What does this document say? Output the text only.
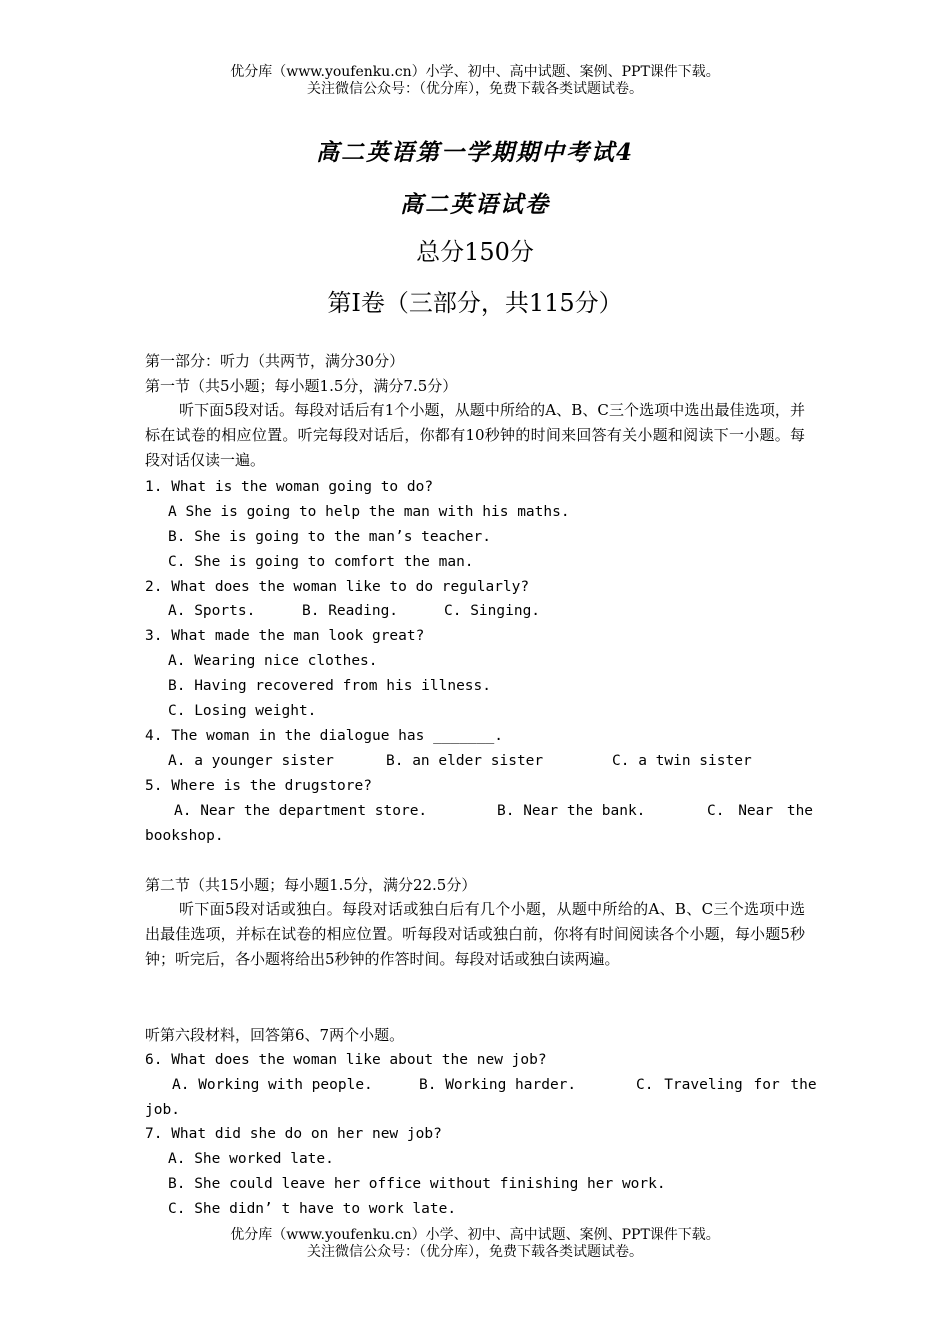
优分库（www.youfenku.cn）小学、初中、高中试题、案例、PPT课件下载。
关注微信公众号：（优分库），免费下载各类试题试卷。
高二英语第一学期期中考试4
高二英语试卷
总分150分
第Ⅰ卷（三部分，共115分）
第一部分：听力（共两节，满分30分）
第一节（共5小题；每小题1.5分，满分7.5分）
听下面5段对话。每段对话后有1个小题，从题中所给的A、B、C三个选项中选出最佳选项，并标在试卷的相应位置。听完每段对话后，你都有10秒钟的时间来回答有关小题和阅读下一小题。每段对话仅读一遍。
1. What is the woman going to do?
A She is going to help the man with his maths.
B. She is going to the man’s teacher.
C. She is going to comfort the man.
2. What does the woman like to do regularly?
A. Sports.	B. Reading.	C. Singing.
3. What made the man look great?
A. Wearing nice clothes.
B. Having recovered from his illness.
C. Losing weight.
4. The woman in the dialogue has _______.
A. a younger sister	B. an elder sister	C. a twin sister
5. Where is the drugstore?
A. Near the department store.	B. Near the bank.	C. Near the
bookshop.
第二节（共15小题；每小题1.5分，满分22.5分）
听下面5段对话或独白。每段对话或独白后有几个小题，从题中所给的A、B、C三个选项中选出最佳选项，并标在试卷的相应位置。听每段对话或独白前，你将有时间阅读各个小题，每小题5秒钟；听完后，各小题将给出5秒钟的作答时间。每段对话或独白读两遍。
听第六段材料，回答第6、7两个小题。
6. What does the woman like about the new job?
A. Working with people.	B. Working harder.	C. Traveling for the
job.
7. What did she do on her new job?
A. She worked late.
B. She could leave her office without finishing her work.
C. She didn’ t have to work late.
优分库（www.youfenku.cn）小学、初中、高中试题、案例、PPT课件下载。
关注微信公众号：（优分库），免费下载各类试题试卷。
